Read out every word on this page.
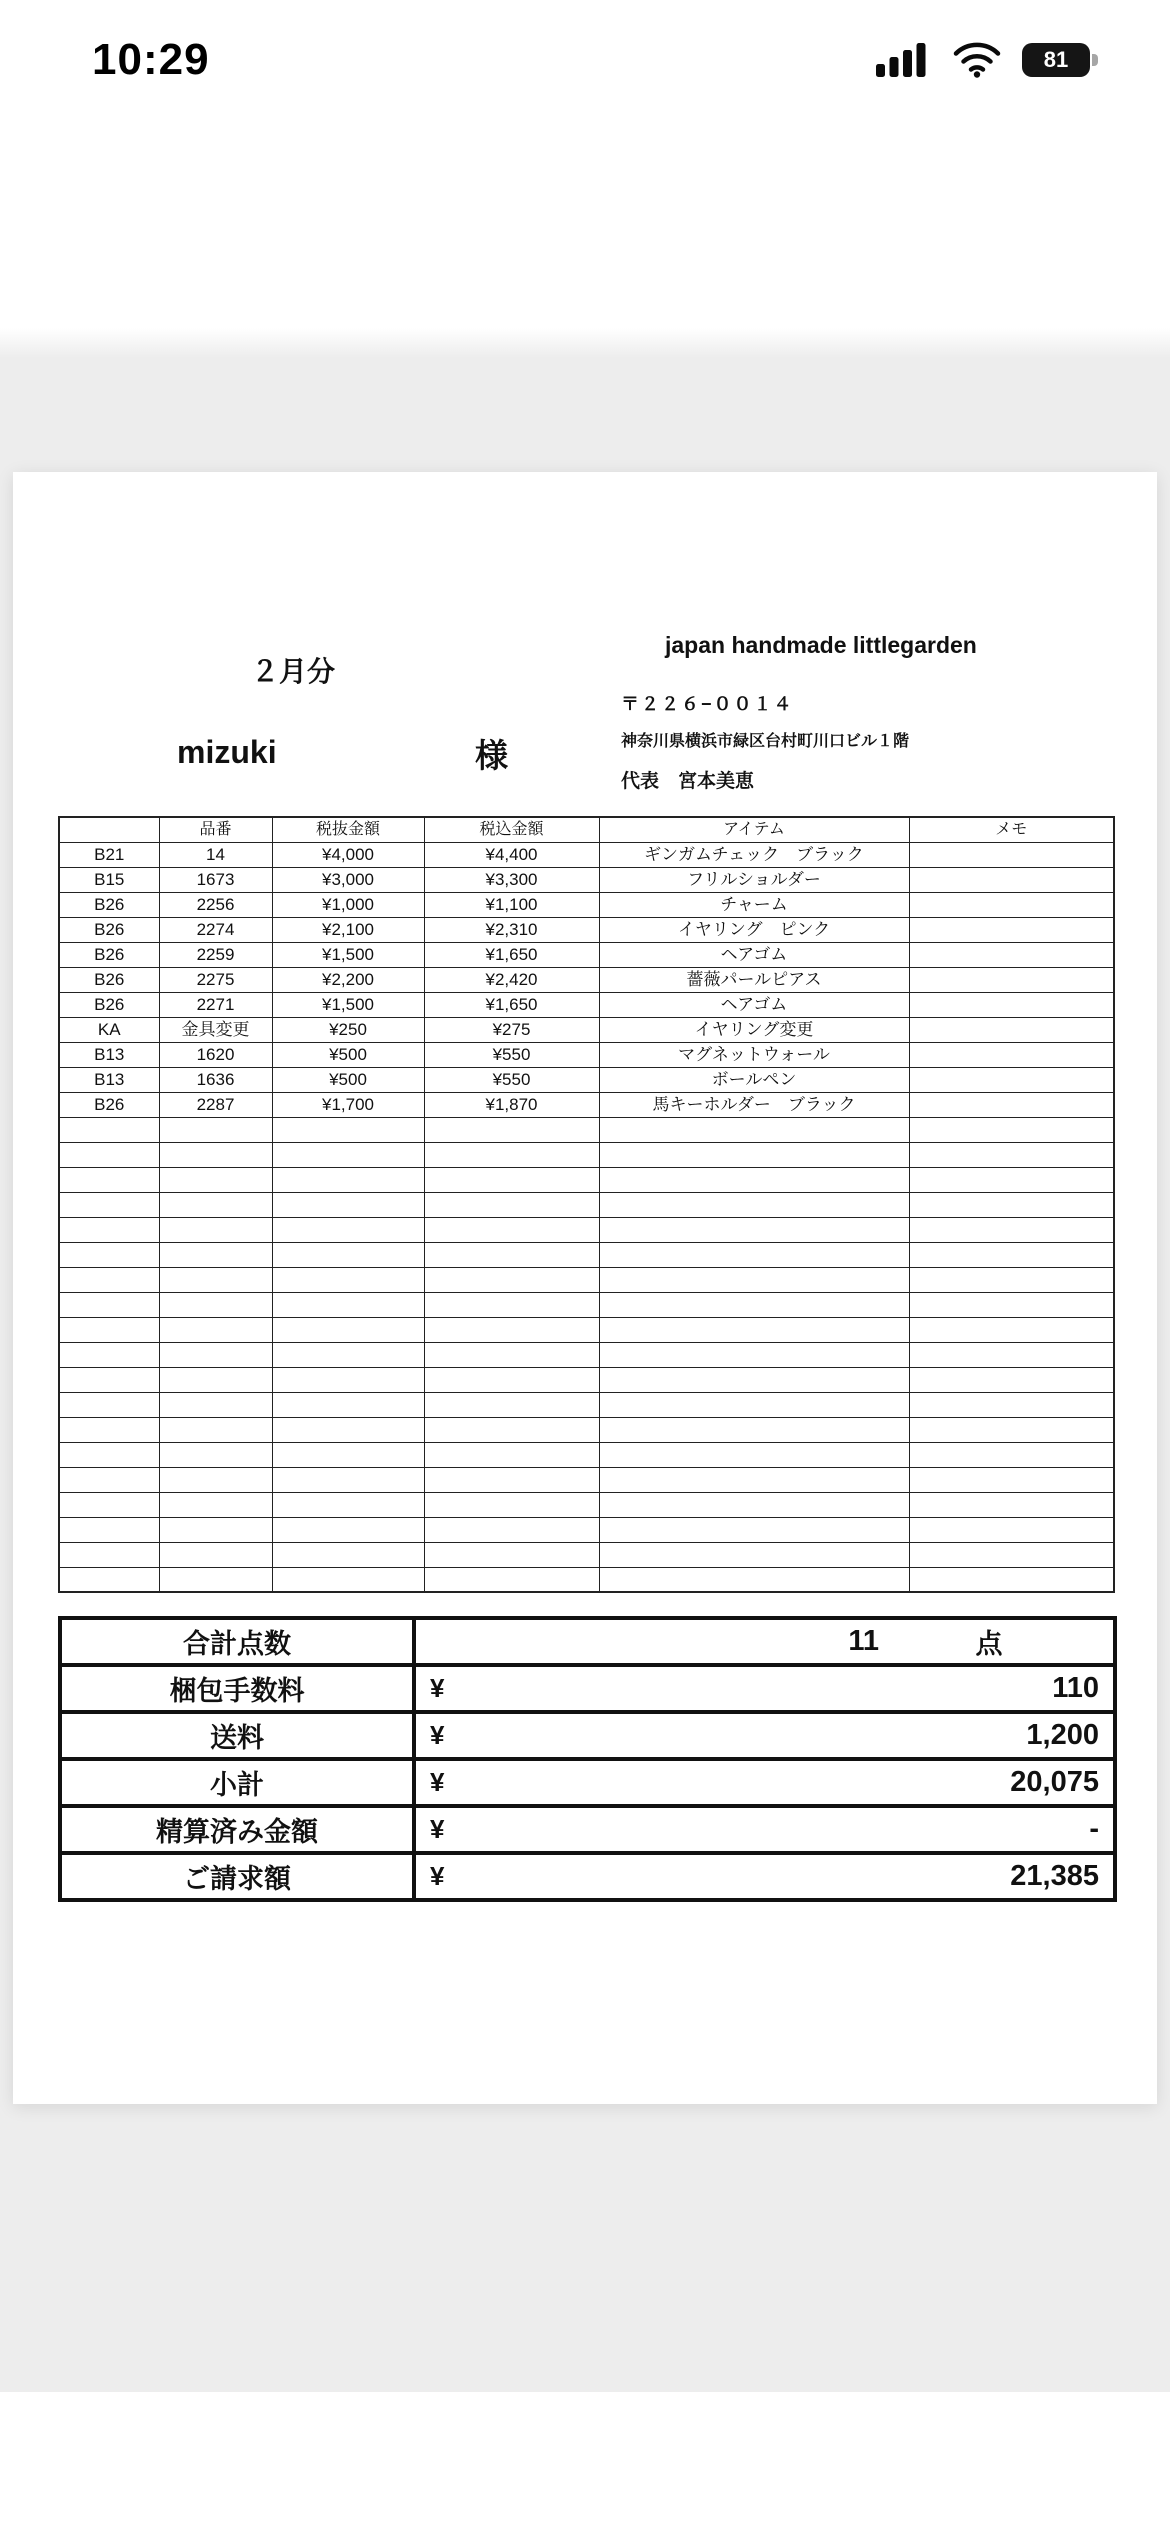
10:29	81
２月分
japan handmade littlegarden
〒２２６−００１４
神奈川県横浜市緑区台村町川口ビル１階
代表　宮本美恵
mizuki	様
	品番	税抜金額	税込金額	アイテム	メモ
B21	14	¥4,000	¥4,400	ギンガムチェック　ブラック	
B15	1673	¥3,000	¥3,300	フリルショルダー	
B26	2256	¥1,000	¥1,100	チャーム	
B26	2274	¥2,100	¥2,310	イヤリング　ピンク	
B26	2259	¥1,500	¥1,650	ヘアゴム	
B26	2275	¥2,200	¥2,420	薔薇パールピアス	
B26	2271	¥1,500	¥1,650	ヘアゴム	
KA	金具変更	¥250	¥275	イヤリング変更	
B13	1620	¥500	¥550	マグネットウォール	
B13	1636	¥500	¥550	ボールペン	
B26	2287	¥1,700	¥1,870	馬キーホルダー　ブラック	

合計点数	11 点

梱包手数料	¥ 110

送料	¥ 1,200

小計	¥ 20,075

精算済み金額	¥ -

ご請求額	¥ 21,385
